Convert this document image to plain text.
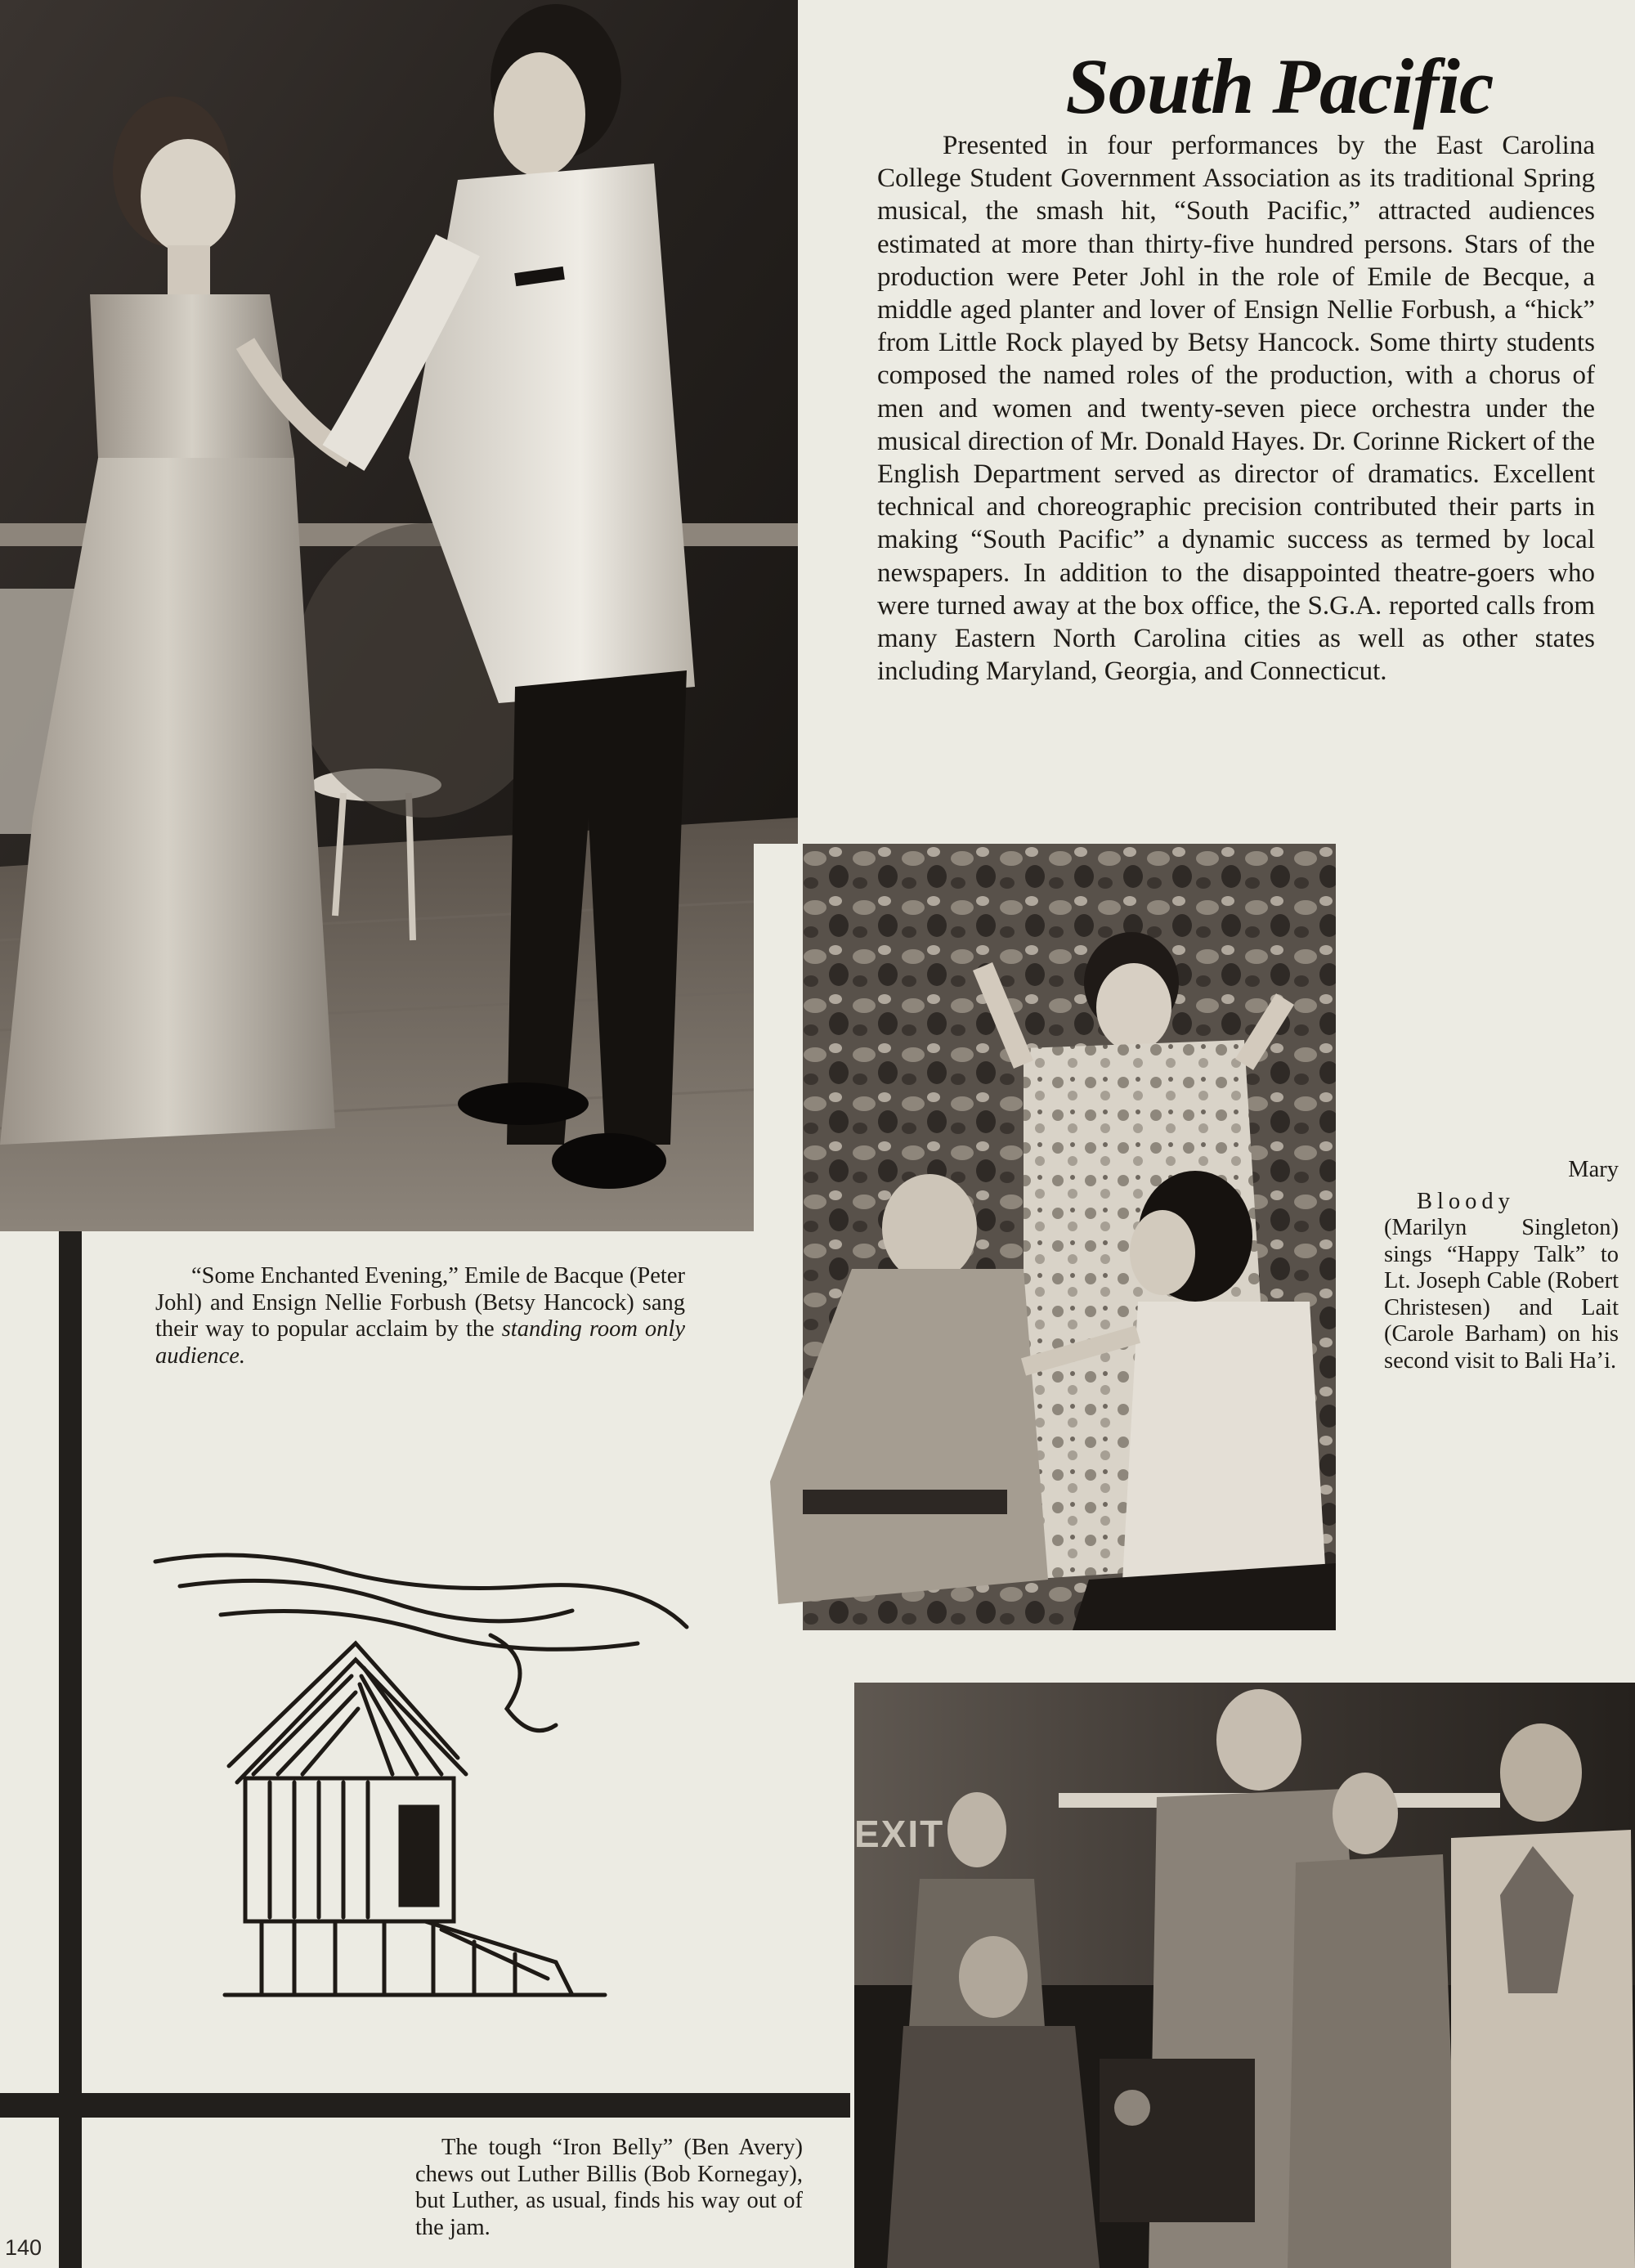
South Pacific

Presented in four performances by the East Carolina College Student Government Association as its traditional Spring musical, the smash hit, “South Pacific,” attracted audiences estimated at more than thirty-five hundred persons. Stars of the production were Peter Johl in the role of Emile de Becque, a middle aged planter and lover of Ensign Nellie Forbush, a “hick” from Little Rock played by Betsy Hancock. Some thirty students composed the named roles of the production, with a chorus of men and women and twenty-seven piece orchestra under the musical direction of Mr. Donald Hayes. Dr. Corinne Rickert of the English Department served as director of dramatics. Excellent technical and choreographic precision contributed their parts in making “South Pacific” a dynamic success as termed by local newspapers. In addition to the disappointed theatre-goers who were turned away at the box office, the S.G.A. reported calls from many Eastern North Carolina cities as well as other states including Maryland, Georgia, and Connecticut.

EXIT

“Some Enchanted Evening,” Emile de Bacque (Peter Johl) and Ensign Nellie Forbush (Betsy Hancock) sang their way to popular acclaim by the standing room only audience.

Mary
Bloody
(Marilyn Singleton) sings “Happy Talk” to Lt. Joseph Cable (Robert Christesen) and Lait (Carole Barham) on his second visit to Bali Ha’i.

The tough “Iron Belly” (Ben Avery) chews out Luther Billis (Bob Kornegay), but Luther, as usual, finds his way out of the jam.

140
